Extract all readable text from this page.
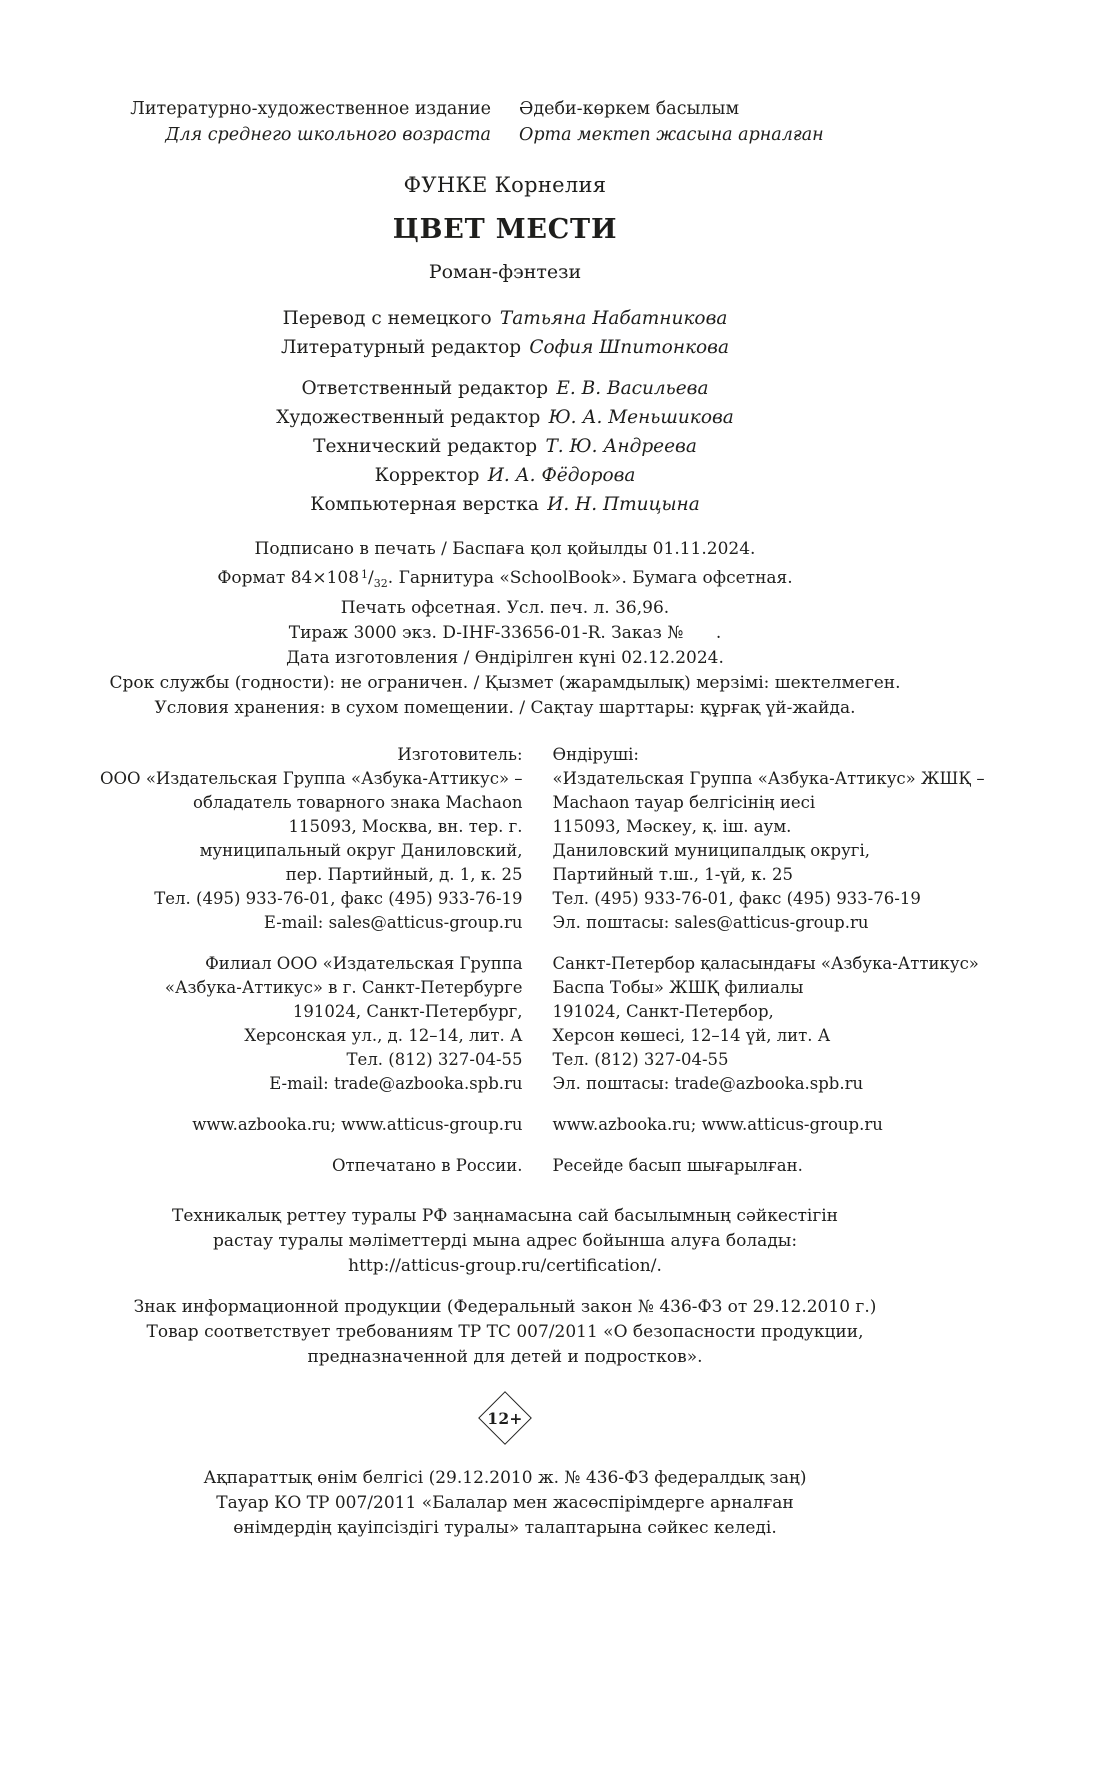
Литературно-художественное издание
Для среднего школьного возраста
Әдеби-көркем басылым
Орта мектеп жасына арналған
ФУНКЕ Корнелия
ЦВЕТ МЕСТИ
Роман-фэнтези
Перевод с немецкого Татьяна Набатникова
Литературный редактор София Шпитонкова
Ответственный редактор Е. В. Васильева
Художественный редактор Ю. А. Меньшикова
Технический редактор Т. Ю. Андреева
Корректор И. А. Фёдорова
Компьютерная верстка И. Н. Птицына
Подписано в печать / Баспаға қол қойылды 01.11.2024.
Формат 84×108 $^1/_{32}$. Гарнитура «SchoolBook». Бумага офсетная.
Печать офсетная. Усл. печ. л. 36,96.
Тираж 3000 экз. D-IHF-33656-01-R. Заказ №      .
Дата изготовления / Өндірілген күні 02.12.2024.
Срок службы (годности): не ограничен. / Қызмет (жарамдылық) мерзімі: шектелмеген.
Условия хранения: в сухом помещении. / Сақтау шарттары: құрғақ үй-жайда.
Изготовитель:
ООО «Издательская Группа «Азбука-Аттикус» –
обладатель товарного знака Machaon
115093, Москва, вн. тер. г.
муниципальный округ Даниловский,
пер. Партийный, д. 1, к. 25
Тел. (495) 933-76-01, факс (495) 933-76-19
E-mail: sales@atticus-group.ru
Филиал ООО «Издательская Группа
«Азбука-Аттикус» в г. Санкт-Петербурге
191024, Санкт-Петербург,
Херсонская ул., д. 12–14, лит. А
Тел. (812) 327-04-55
E-mail: trade@azbooka.spb.ru
www.azbooka.ru; www.atticus-group.ru
Отпечатано в России.
Өндіруші:
«Издательская Группа «Азбука-Аттикус» ЖШҚ –
Machaon тауар белгісінің иесі
115093, Мәскеу, қ. іш. аум.
Даниловский муниципалдық округі,
Партийный т.ш., 1-үй, к. 25
Тел. (495) 933-76-01, факс (495) 933-76-19
Эл. поштасы: sales@atticus-group.ru
Санкт-Петербор қаласындағы «Азбука-Аттикус»
Баспа Тобы» ЖШҚ филиалы
191024, Санкт-Петербор,
Херсон көшесі, 12–14 үй, лит. А
Тел. (812) 327-04-55
Эл. поштасы: trade@azbooka.spb.ru
www.azbooka.ru; www.atticus-group.ru
Ресейде басып шығарылған.
Техникалық реттеу туралы РФ заңнамасына сай басылымның сәйкестігін
растау туралы мәліметтерді мына адрес бойынша алуға болады:
http://atticus-group.ru/certification/.
Знак информационной продукции (Федеральный закон № 436-ФЗ от 29.12.2010 г.)
Товар соответствует требованиям ТР ТС 007/2011 «О безопасности продукции,
предназначенной для детей и подростков».
12+
Ақпараттық өнім белгісі (29.12.2010 ж. № 436-ФЗ федералдық заң)
Тауар КО ТР 007/2011 «Балалар мен жасөспірімдерге арналған
өнімдердің қауіпсіздігі туралы» талаптарына сәйкес келеді.
